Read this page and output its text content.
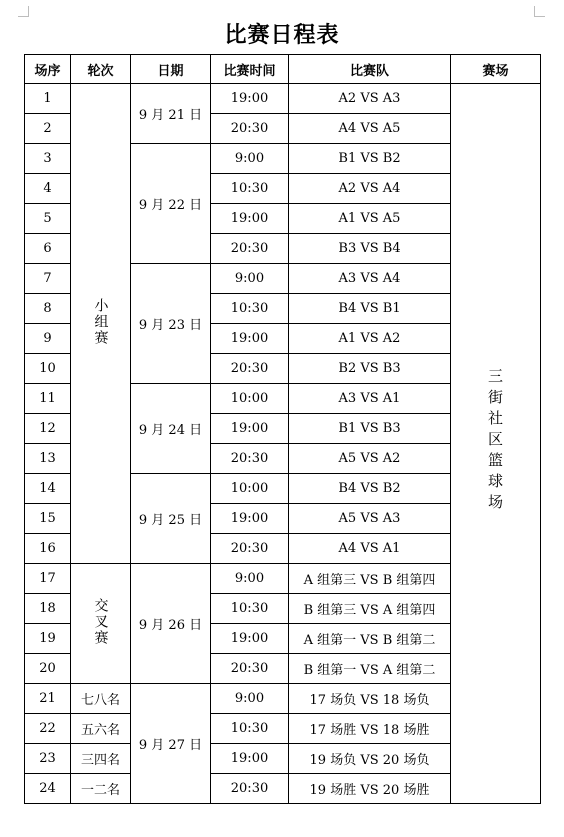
比赛日程表
场序	轮次	日期	比赛时间	比赛队	赛场
1	小组赛	9 月 21 日	19:00	A2 VS A3	三街社区篮球场
2			20:30	A4 VS A5	
3		9 月 22 日	9:00	B1 VS B2	
4			10:30	A2 VS A4	
5			19:00	A1 VS A5	
6			20:30	B3 VS B4	
7		9 月 23 日	9:00	A3 VS A4	
8			10:30	B4 VS B1	
9			19:00	A1 VS A2	
10			20:30	B2 VS B3	
11		9 月 24 日	10:00	A3 VS A1	
12			19:00	B1 VS B3	
13			20:30	A5 VS A2	
14		9 月 25 日	10:00	B4 VS B2	
15			19:00	A5 VS A3	
16			20:30	A4 VS A1	
17	交叉赛	9 月 26 日	9:00	A 组第三 VS B 组第四	
18			10:30	B 组第三 VS A 组第四	
19			19:00	A 组第一 VS B 组第二	
20			20:30	B 组第一 VS A 组第二	
21	七八名	9 月 27 日	9:00	17 场负 VS 18 场负	
22	五六名		10:30	17 场胜 VS 18 场胜	
23	三四名		19:00	19 场负 VS 20 场负	
24	一二名		20:30	19 场胜 VS 20 场胜	
